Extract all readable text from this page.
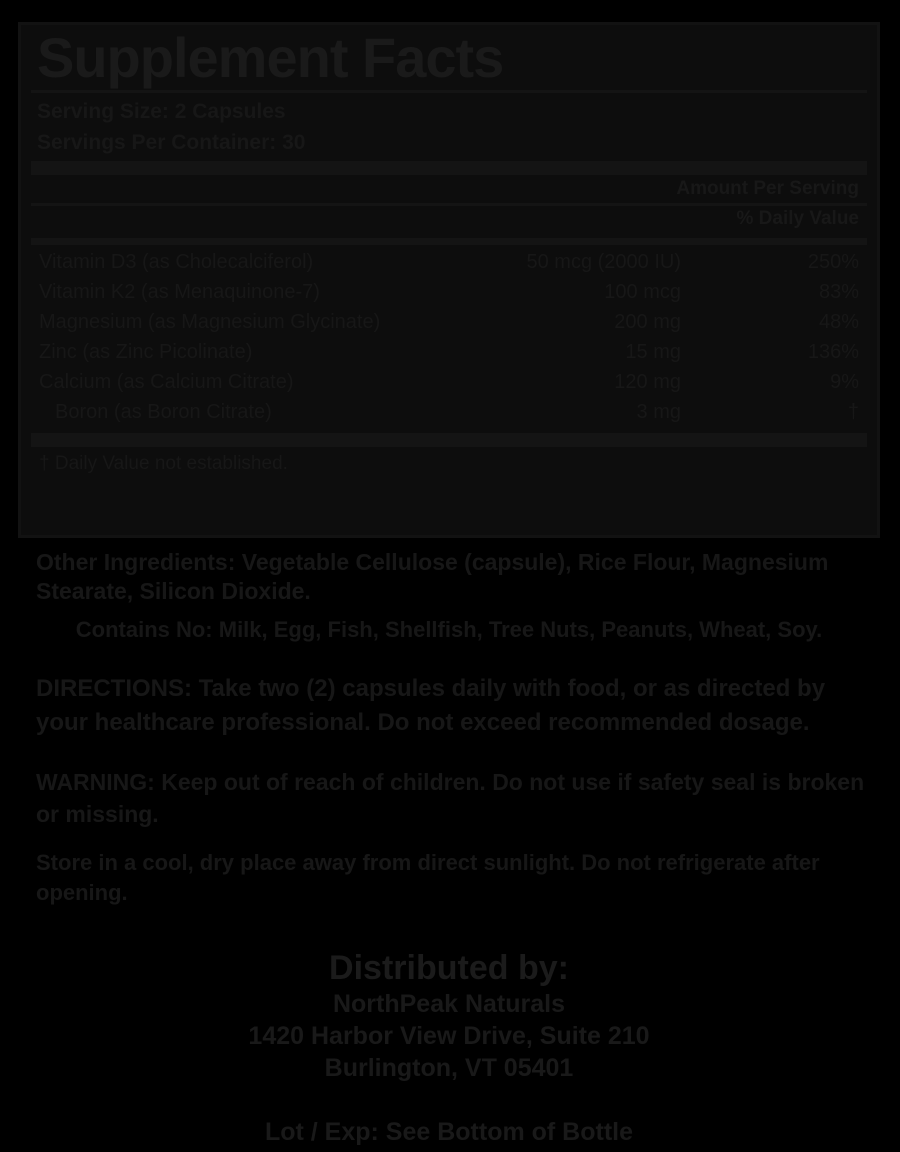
Supplement Facts
Serving Size: 2 Capsules
Servings Per Container: 30
Amount Per Serving
% Daily Value
Vitamin D3 (as Cholecalciferol)	50 mcg (2000 IU)	250%
Vitamin K2 (as Menaquinone-7)	100 mcg	83%
Magnesium (as Magnesium Glycinate)	200 mg	48%
Zinc (as Zinc Picolinate)	15 mg	136%
Calcium (as Calcium Citrate)	120 mg	9%
Boron (as Boron Citrate)	3 mg	†
† Daily Value not established.
Other Ingredients: Vegetable Cellulose (capsule), Rice Flour, Magnesium Stearate, Silicon Dioxide.
Contains No: Milk, Egg, Fish, Shellfish, Tree Nuts, Peanuts, Wheat, Soy.
DIRECTIONS: Take two (2) capsules daily with food, or as directed by your healthcare professional. Do not exceed recommended dosage.
WARNING: Keep out of reach of children. Do not use if safety seal is broken or missing.
Store in a cool, dry place away from direct sunlight. Do not refrigerate after opening.
Distributed by:
NorthPeak Naturals
1420 Harbor View Drive, Suite 210
Burlington, VT 05401
Lot / Exp: See Bottom of Bottle
